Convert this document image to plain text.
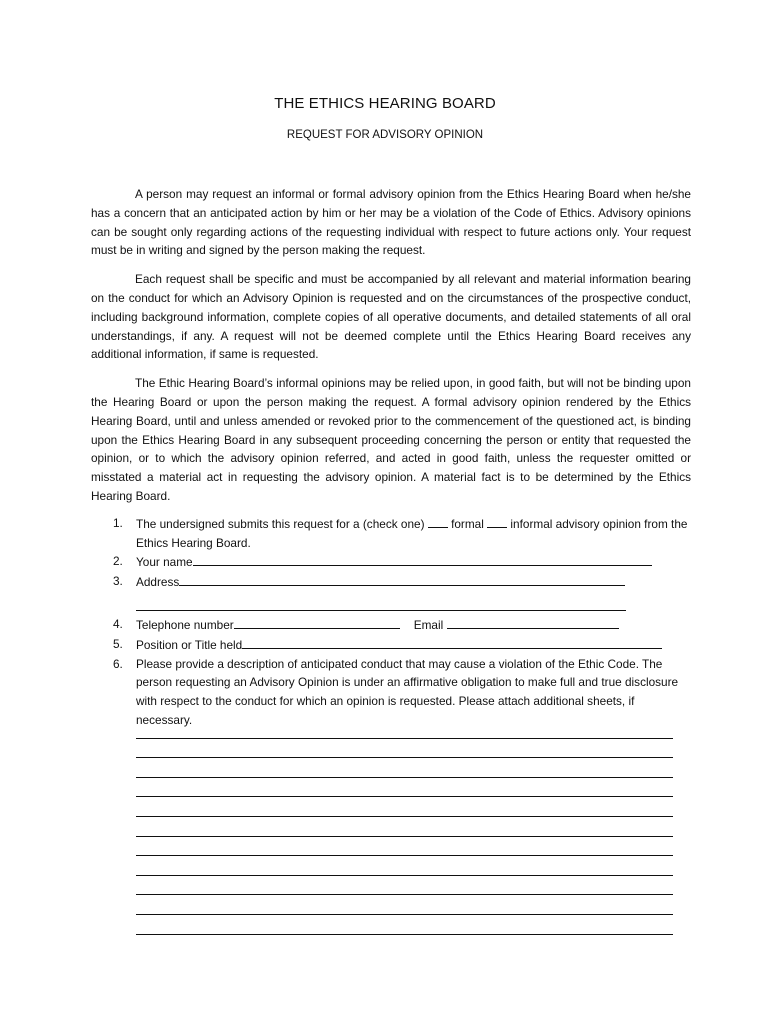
THE ETHICS HEARING BOARD
REQUEST FOR ADVISORY OPINION

A person may request an informal or formal advisory opinion from the Ethics Hearing Board when he/she has a concern that an anticipated action by him or her may be a violation of the Code of Ethics. Advisory opinions can be sought only regarding actions of the requesting individual with respect to future actions only. Your request must be in writing and signed by the person making the request.

Each request shall be specific and must be accompanied by all relevant and material information bearing on the conduct for which an Advisory Opinion is requested and on the circumstances of the prospective conduct, including background information, complete copies of all operative documents, and detailed statements of all oral understandings, if any. A request will not be deemed complete until the Ethics Hearing Board receives any additional information, if same is requested.

The Ethic Hearing Board’s informal opinions may be relied upon, in good faith, but will not be binding upon the Hearing Board or upon the person making the request. A formal advisory opinion rendered by the Ethics Hearing Board, until and unless amended or revoked prior to the commencement of the questioned act, is binding upon the Ethics Hearing Board in any subsequent proceeding concerning the person or entity that requested the opinion, or to which the advisory opinion referred, and acted in good faith, unless the requester omitted or misstated a material act in requesting the advisory opinion. A material fact is to be determined by the Ethics Hearing Board.

1. The undersigned submits this request for a (check one)  formal  informal advisory opinion from the Ethics Hearing Board.
2. Your name
3. Address
4. Telephone number	Email
5. Position or Title held
6. Please provide a description of anticipated conduct that may cause a violation of the Ethic Code. The person requesting an Advisory Opinion is under an affirmative obligation to make full and true disclosure with respect to the conduct for which an opinion is requested. Please attach additional sheets, if necessary.
